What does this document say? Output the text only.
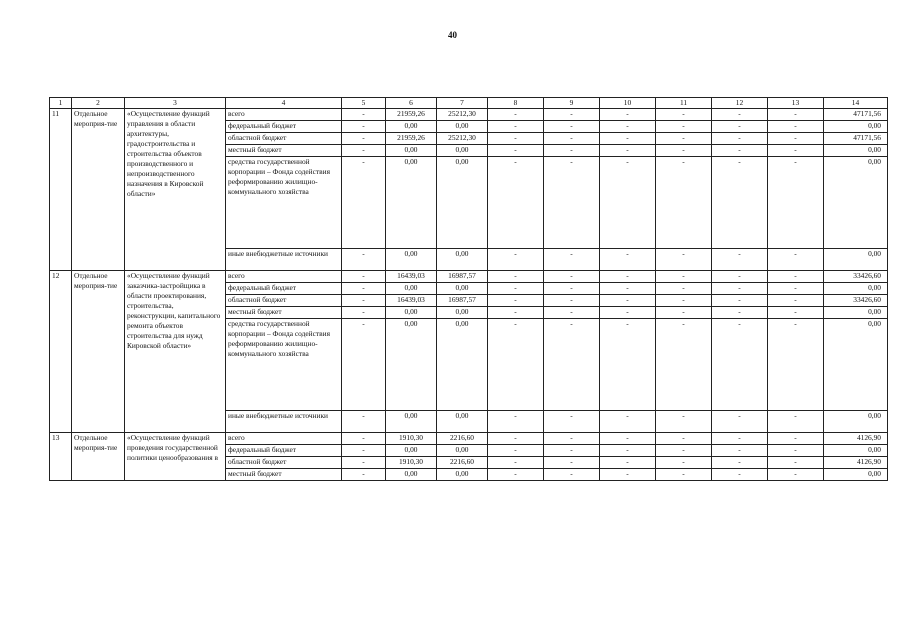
40
1	2	3	4	5	6	7	8	9	10	11	12	13	14
11	Отдельное мероприя-тие	«Осуществление функций управления в области архитектуры, градостроительства и строительства объектов производственного и непроизводственного назначения в Кировской области»	всего	-	21959,26	25212,30	-	-	-	-	-	-	47171,56
			федеральный бюджет	-	0,00	0,00	-	-	-	-	-	-	0,00
			областной бюджет	-	21959,26	25212,30	-	-	-	-	-	-	47171,56
			местный бюджет	-	0,00	0,00	-	-	-	-	-	-	0,00
			средства государственной корпорации – Фонда содействия реформированию жилищно-коммунального хозяйства	-	0,00	0,00	-	-	-	-	-	-	0,00
			иные внебюджетные источники	-	0,00	0,00	-	-	-	-	-	-	0,00
12	Отдельное мероприя-тие	«Осуществление функций заказчика-застройщика в области проектирования, строительства, реконструкции, капитального ремонта объектов строительства для нужд Кировской области»	всего	-	16439,03	16987,57	-	-	-	-	-	-	33426,60
			федеральный бюджет	-	0,00	0,00	-	-	-	-	-	-	0,00
			областной бюджет	-	16439,03	16987,57	-	-	-	-	-	-	33426,60
			местный бюджет	-	0,00	0,00	-	-	-	-	-	-	0,00
			средства государственной корпорации – Фонда содействия реформированию жилищно-коммунального хозяйства	-	0,00	0,00	-	-	-	-	-	-	0,00
			иные внебюджетные источники	-	0,00	0,00	-	-	-	-	-	-	0,00
13	Отдельное мероприя-тие	«Осуществление функций проведения государственной политики ценообразования в	всего	-	1910,30	2216,60	-	-	-	-	-	-	4126,90
			федеральный бюджет	-	0,00	0,00	-	-	-	-	-	-	0,00
			областной бюджет	-	1910,30	2216,60	-	-	-	-	-	-	4126,90
			местный бюджет	-	0,00	0,00	-	-	-	-	-	-	0,00
